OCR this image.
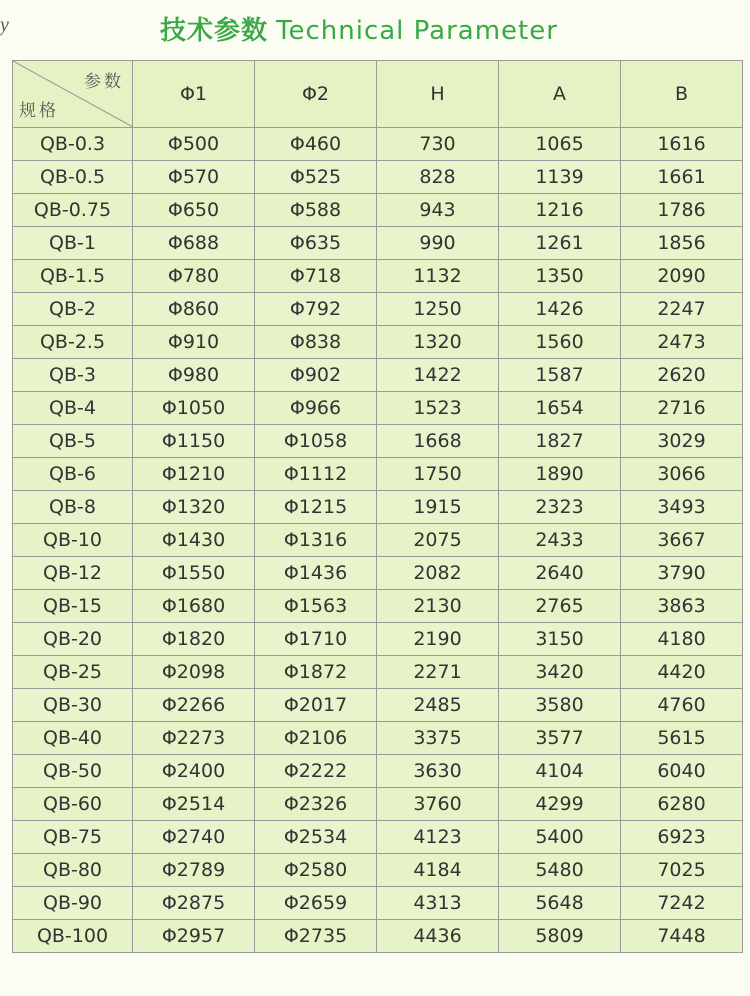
y	技术参数 Technical Parameter
参数
规格	Φ1	Φ2	H	A	B
QB-0.3	Φ500	Φ460	730	1065	1616
QB-0.5	Φ570	Φ525	828	1139	1661
QB-0.75	Φ650	Φ588	943	1216	1786
QB-1	Φ688	Φ635	990	1261	1856
QB-1.5	Φ780	Φ718	1132	1350	2090
QB-2	Φ860	Φ792	1250	1426	2247
QB-2.5	Φ910	Φ838	1320	1560	2473
QB-3	Φ980	Φ902	1422	1587	2620
QB-4	Φ1050	Φ966	1523	1654	2716
QB-5	Φ1150	Φ1058	1668	1827	3029
QB-6	Φ1210	Φ1112	1750	1890	3066
QB-8	Φ1320	Φ1215	1915	2323	3493
QB-10	Φ1430	Φ1316	2075	2433	3667
QB-12	Φ1550	Φ1436	2082	2640	3790
QB-15	Φ1680	Φ1563	2130	2765	3863
QB-20	Φ1820	Φ1710	2190	3150	4180
QB-25	Φ2098	Φ1872	2271	3420	4420
QB-30	Φ2266	Φ2017	2485	3580	4760
QB-40	Φ2273	Φ2106	3375	3577	5615
QB-50	Φ2400	Φ2222	3630	4104	6040
QB-60	Φ2514	Φ2326	3760	4299	6280
QB-75	Φ2740	Φ2534	4123	5400	6923
QB-80	Φ2789	Φ2580	4184	5480	7025
QB-90	Φ2875	Φ2659	4313	5648	7242
QB-100	Φ2957	Φ2735	4436	5809	7448
